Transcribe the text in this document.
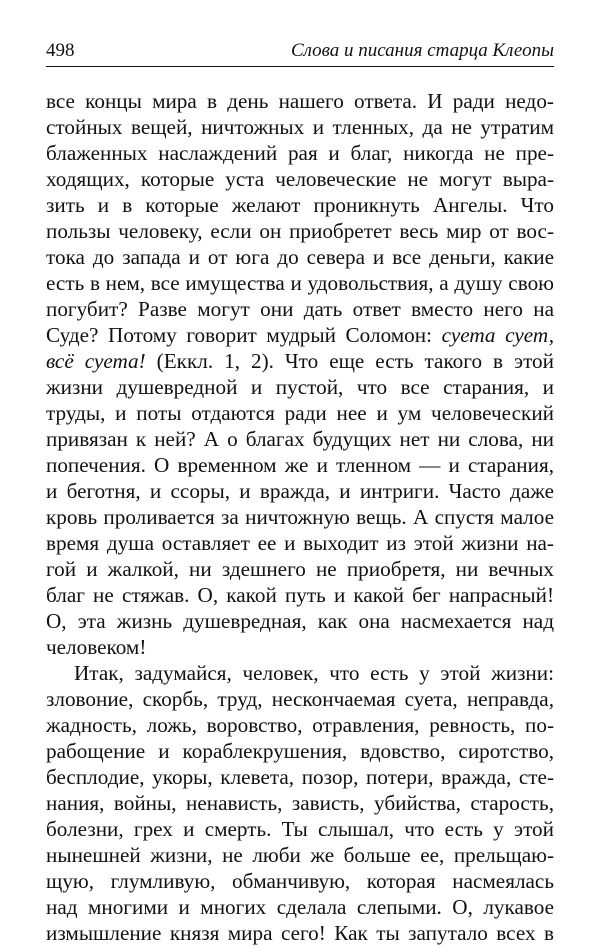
498	Слова и писания старца Клеопы
все концы мира в день нашего ответа. И ради недо-
стойных вещей, ничтожных и тленных, да не утратим
блаженных наслаждений рая и благ, никогда не пре-
ходящих, которые уста человеческие не могут выра-
зить и в которые желают проникнуть Ангелы. Что
пользы человеку, если он приобретет весь мир от вос-
тока до запада и от юга до севера и все деньги, какие
есть в нем, все имущества и удовольствия, а душу свою
погубит? Разве могут они дать ответ вместо него на
Суде? Потому говорит мудрый Соломон: суета сует,
всё суета! (Еккл. 1, 2). Что еще есть такого в этой
жизни душевредной и пустой, что все старания, и
труды, и поты отдаются ради нее и ум человеческий
привязан к ней? А о благах будущих нет ни слова, ни
попечения. О временном же и тленном — и старания,
и беготня, и ссоры, и вражда, и интриги. Часто даже
кровь проливается за ничтожную вещь. А спустя малое
время душа оставляет ее и выходит из этой жизни на-
гой и жалкой, ни здешнего не приобретя, ни вечных
благ не стяжав. О, какой путь и какой бег напрасный!
О, эта жизнь душевредная, как она насмехается над
человеком!
Итак, задумайся, человек, что есть у этой жизни:
зловоние, скорбь, труд, нескончаемая суета, неправда,
жадность, ложь, воровство, отравления, ревность, по-
рабощение и кораблекрушения, вдовство, сиротство,
бесплодие, укоры, клевета, позор, потери, вражда, сте-
нания, войны, ненависть, зависть, убийства, старость,
болезни, грех и смерть. Ты слышал, что есть у этой
нынешней жизни, не люби же больше ее, прельщаю-
щую, глумливую, обманчивую, которая насмеялась
над многими и многих сделала слепыми. О, лукавое
измышление князя мира сего! Как ты запутало всех в
